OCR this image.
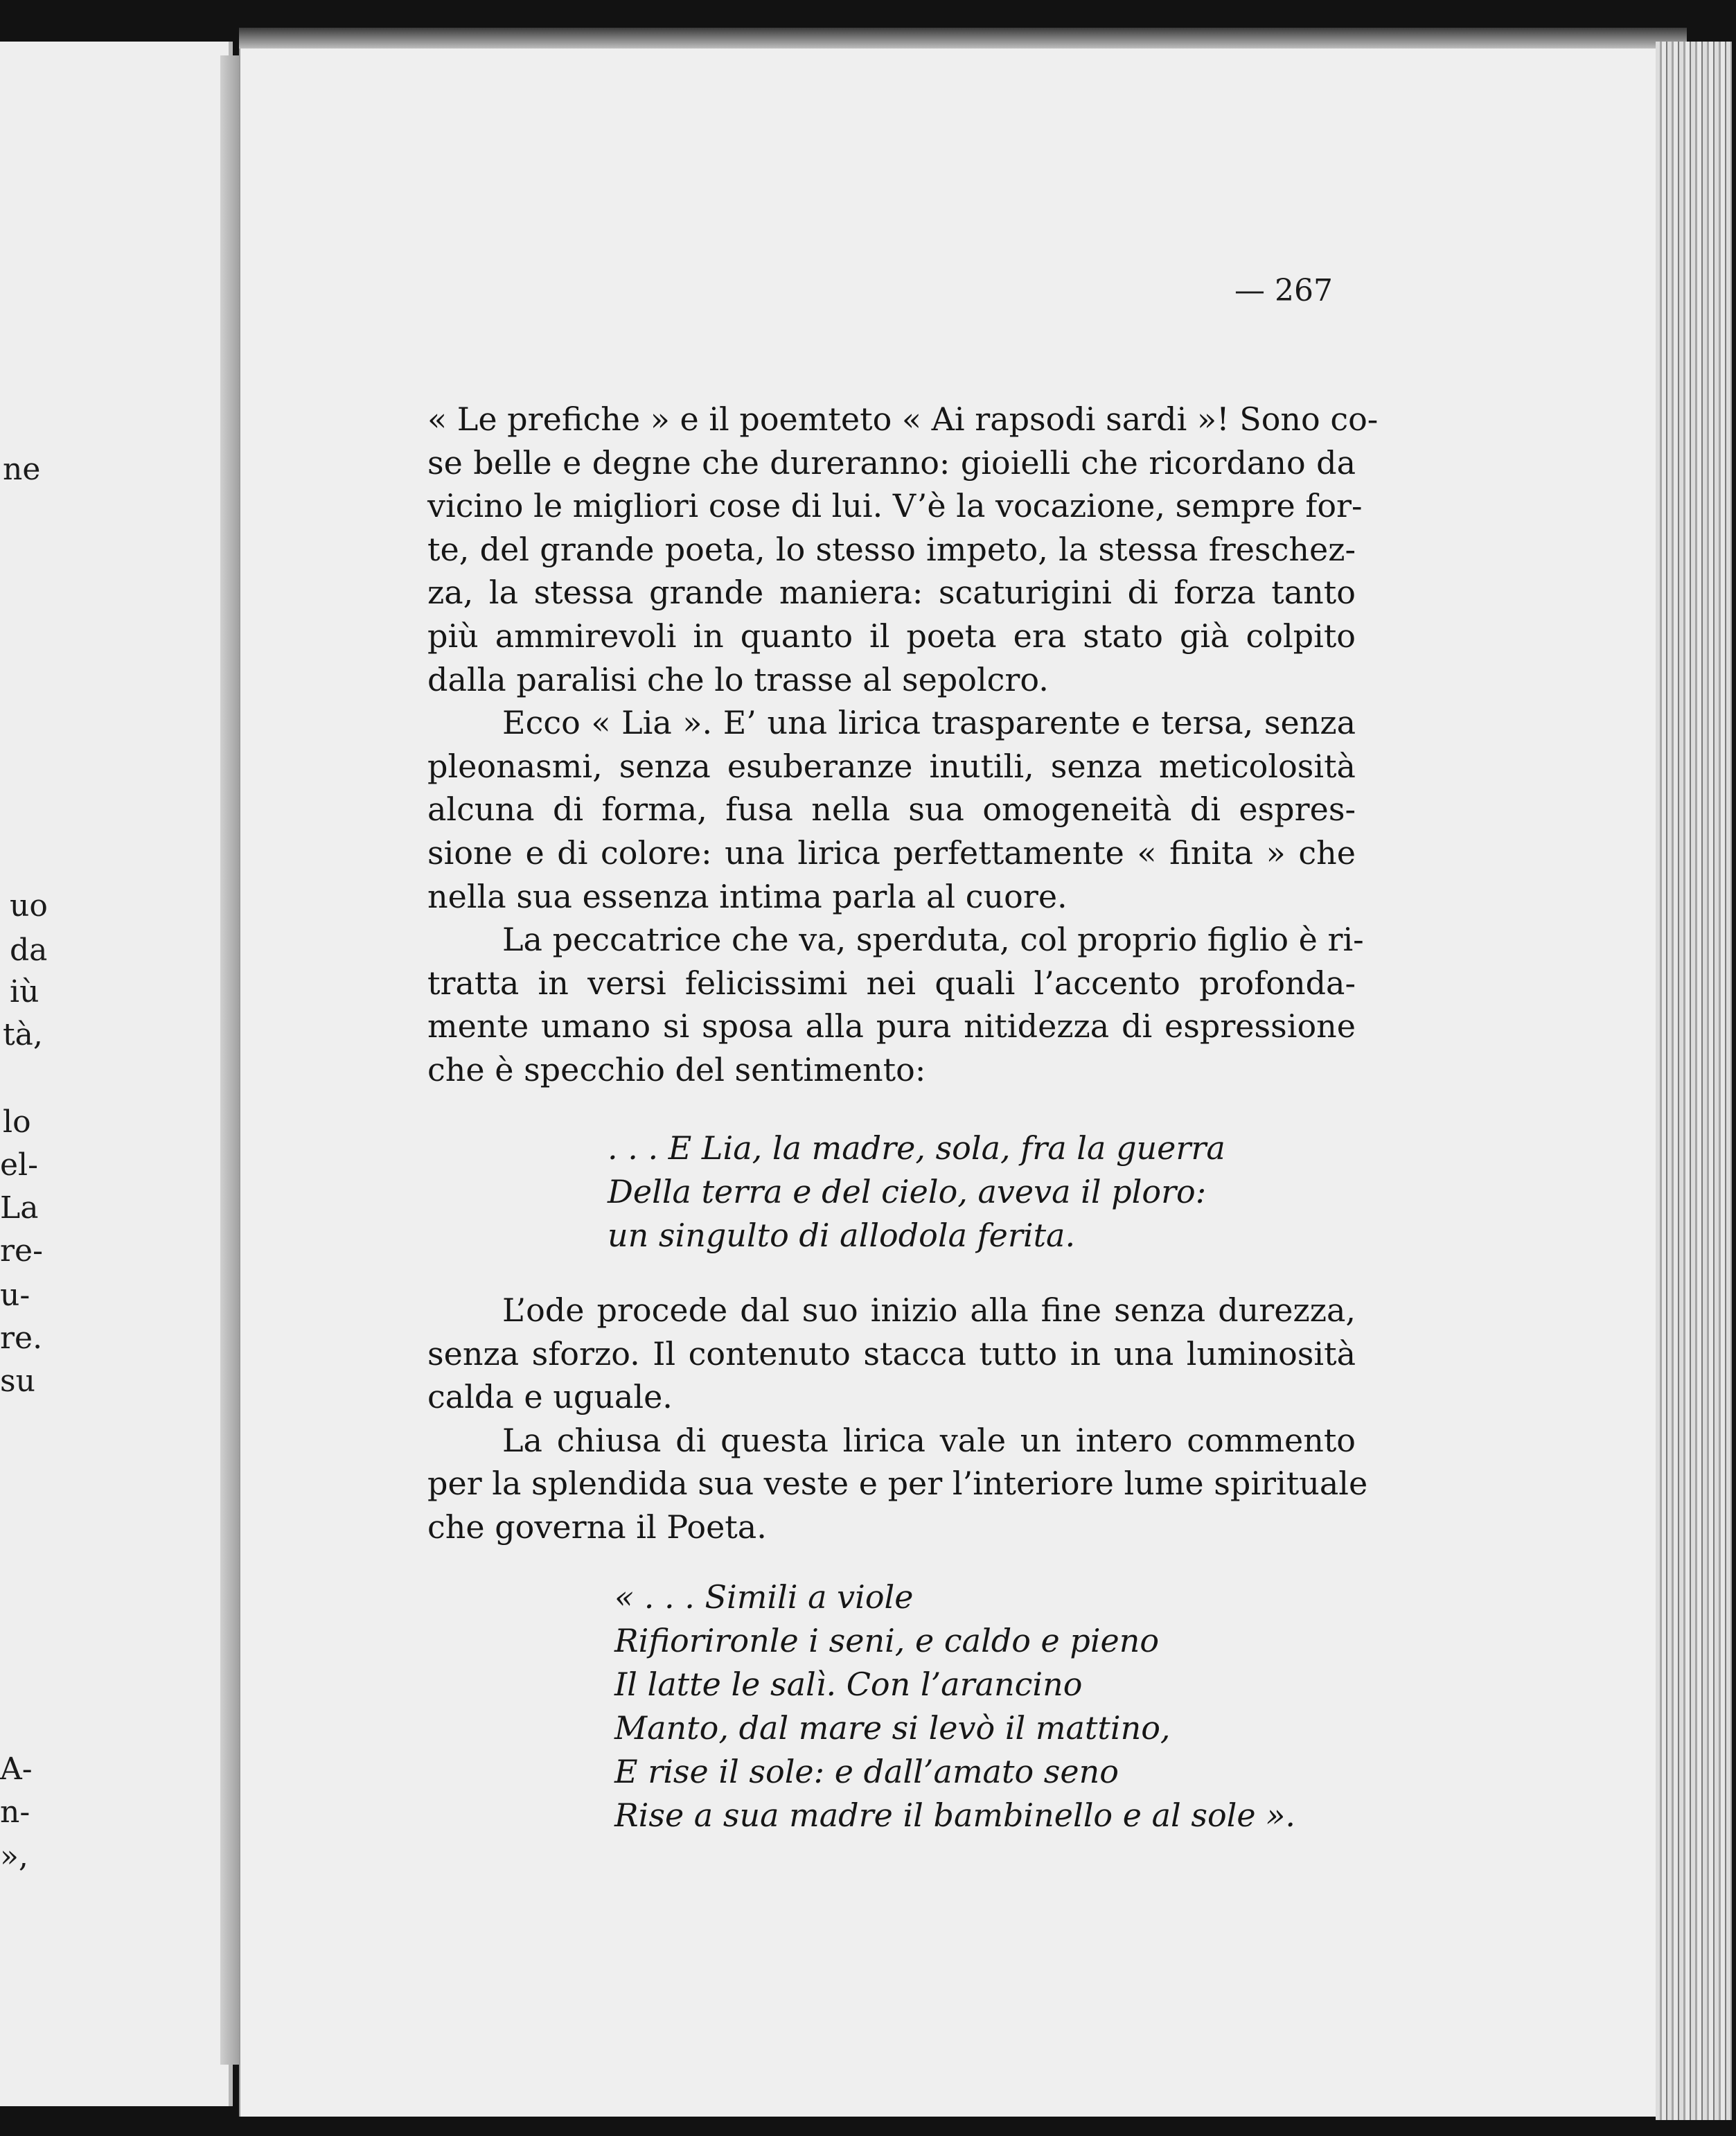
ne
uo
da
iù
tà,
lo
el-
La
re-
u-
re.
su
A-
n-
»,
— 267
« Le prefiche » e il poemteto « Ai rapsodi sardi »! Sono co-
se belle e degne che dureranno: gioielli che ricordano da
vicino le migliori cose di lui. V’è la vocazione, sempre for-
te, del grande poeta, lo stesso impeto, la stessa freschez-
za, la stessa grande maniera: scaturigini di forza tanto
più ammirevoli in quanto il poeta era stato già colpito
dalla paralisi che lo trasse al sepolcro.
Ecco « Lia ». E’ una lirica trasparente e tersa, senza
pleonasmi, senza esuberanze inutili, senza meticolosità
alcuna di forma, fusa nella sua omogeneità di espres-
sione e di colore: una lirica perfettamente « finita » che
nella sua essenza intima parla al cuore.
La peccatrice che va, sperduta, col proprio figlio è ri-
tratta in versi felicissimi nei quali l’accento profonda-
mente umano si sposa alla pura nitidezza di espressione
che è specchio del sentimento:
. . . E Lia, la madre, sola, fra la guerra
Della terra e del cielo, aveva il ploro:
un singulto di allodola ferita.
L’ode procede dal suo inizio alla fine senza durezza,
senza sforzo. Il contenuto stacca tutto in una luminosità
calda e uguale.
La chiusa di questa lirica vale un intero commento
per la splendida sua veste e per l’interiore lume spirituale
che governa il Poeta.
« . . . Simili a viole
Rifiorironle i seni, e caldo e pieno
Il latte le salì. Con l’arancino
Manto, dal mare si levò il mattino,
E rise il sole: e dall’amato seno
Rise a sua madre il bambinello e al sole ».
